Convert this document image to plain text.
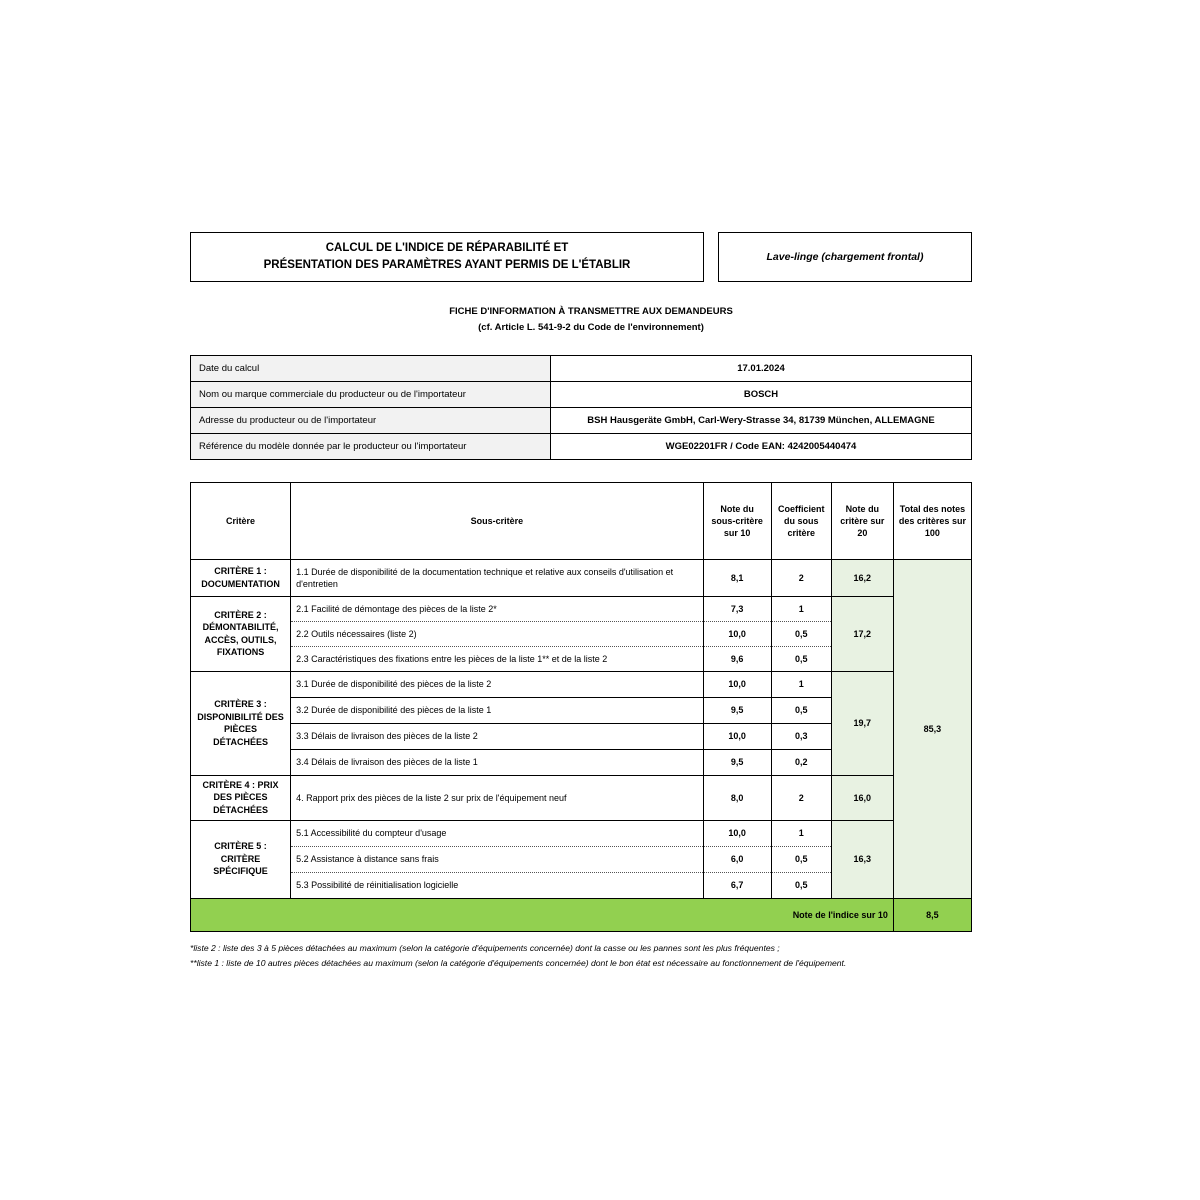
CALCUL DE L'INDICE DE RÉPARABILITÉ ET
PRÉSENTATION DES PARAMÈTRES AYANT PERMIS DE L'ÉTABLIR
Lave-linge (chargement frontal)
FICHE D'INFORMATION À TRANSMETTRE AUX DEMANDEURS
(cf. Article L. 541-9-2 du Code de l'environnement)
Date du calcul	17.01.2024
Nom ou marque commerciale du producteur ou de l'importateur	BOSCH
Adresse du producteur ou de l'importateur	BSH Hausgeräte GmbH, Carl-Wery-Strasse 34, 81739 München, ALLEMAGNE
Référence du modèle donnée par le producteur ou l'importateur	WGE02201FR / Code EAN: 4242005440474
Critère	Sous-critère	Note du sous-critère sur 10	Coefficient du sous critère	Note du critère sur 20	Total des notes des critères sur 100
CRITÈRE 1 : DOCUMENTATION	1.1 Durée de disponibilité de la documentation technique et relative aux conseils d'utilisation et d'entretien	8,1	2	16,2	85,3
CRITÈRE 2 : DÉMONTABILITÉ, ACCÈS, OUTILS, FIXATIONS	2.1 Facilité de démontage des pièces de la liste 2*	7,3	1	17,2	
	2.2 Outils nécessaires (liste 2)	10,0	0,5		
	2.3 Caractéristiques des fixations entre les pièces de la liste 1** et de la liste 2	9,6	0,5		
CRITÈRE 3 : DISPONIBILITÉ DES PIÈCES DÉTACHÉES	3.1 Durée de disponibilité des pièces de la liste 2	10,0	1	19,7	
	3.2 Durée de disponibilité des pièces de la liste 1	9,5	0,5		
	3.3 Délais de livraison des pièces de la liste 2	10,0	0,3		
	3.4 Délais de livraison des pièces de la liste 1	9,5	0,2		
CRITÈRE 4 : PRIX DES PIÈCES DÉTACHÉES	4. Rapport prix des pièces de la liste 2 sur prix de l'équipement neuf	8,0	2	16,0	
CRITÈRE 5 : CRITÈRE SPÉCIFIQUE	5.1 Accessibilité du compteur d'usage	10,0	1	16,3	
	5.2 Assistance à distance sans frais	6,0	0,5		
	5.3 Possibilité de réinitialisation logicielle	6,7	0,5		
Note de l'indice sur 10					8,5
*liste 2 : liste des 3 à 5 pièces détachées au maximum (selon la catégorie d'équipements concernée) dont la casse ou les pannes sont les plus fréquentes ;
**liste 1 : liste de 10 autres pièces détachées au maximum (selon la catégorie d'équipements concernée) dont le bon état est nécessaire au fonctionnement de l'équipement.
